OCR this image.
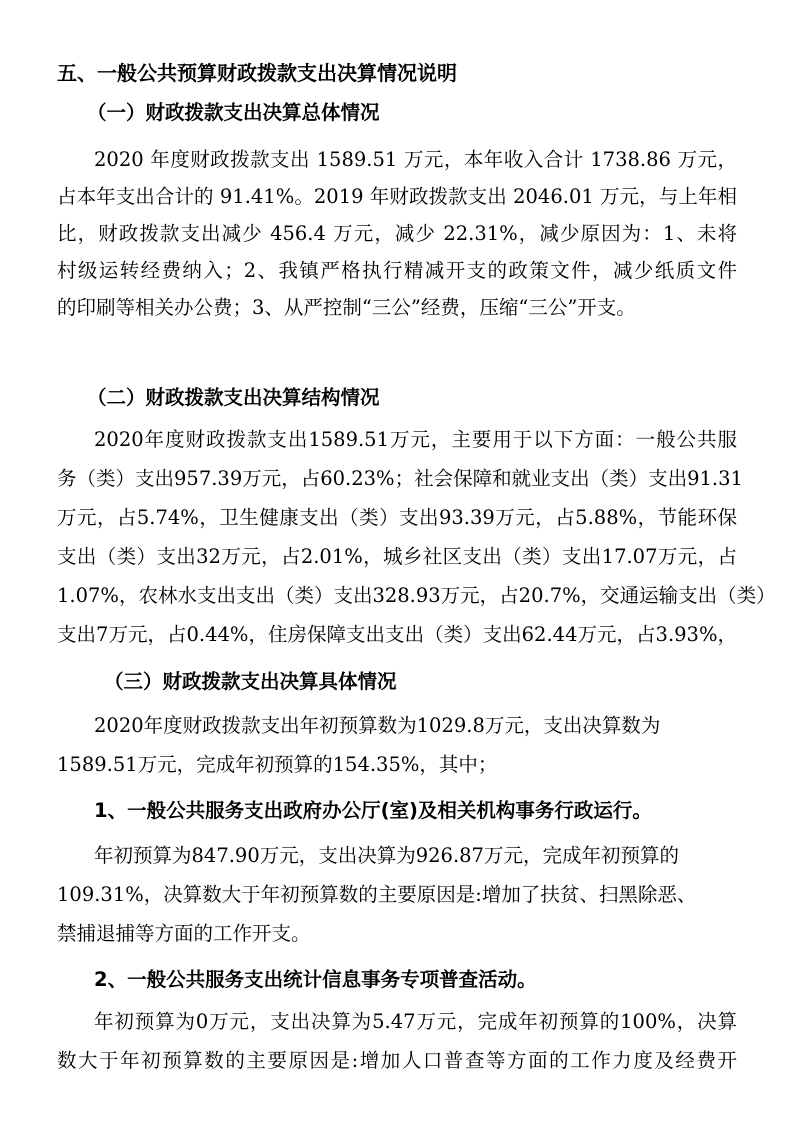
五、一般公共预算财政拨款支出决算情况说明
（一）财政拨款支出决算总体情况
2020 年度财政拨款支出 1589.51 万元，本年收入合计 1738.86 万元，
占本年支出合计的 91.41%。2019 年财政拨款支出 2046.01 万元，与上年相
比，财政拨款支出减少 456.4 万元，减少 22.31%，减少原因为：1、未将
村级运转经费纳入；2、我镇严格执行精减开支的政策文件，减少纸质文件
的印刷等相关办公费；3、从严控制“三公”经费，压缩“三公”开支。
（二）财政拨款支出决算结构情况
2020年度财政拨款支出1589.51万元，主要用于以下方面：一般公共服
务（类）支出957.39万元，占60.23%；社会保障和就业支出（类）支出91.31
万元，占5.74%，卫生健康支出（类）支出93.39万元，占5.88%，节能环保
支出（类）支出32万元，占2.01%，城乡社区支出（类）支出17.07万元，占
1.07%，农林水支出支出（类）支出328.93万元，占20.7%，交通运输支出（类）
支出7万元，占0.44%，住房保障支出支出（类）支出62.44万元，占3.93%，
（三）财政拨款支出决算具体情况
2020年度财政拨款支出年初预算数为1029.8万元，支出决算数为
1589.51万元，完成年初预算的154.35%，其中；
1、一般公共服务支出政府办公厅(室)及相关机构事务行政运行。
年初预算为847.90万元，支出决算为926.87万元，完成年初预算的
109.31%，决算数大于年初预算数的主要原因是:增加了扶贫、扫黑除恶、
禁捕退捕等方面的工作开支。
2、一般公共服务支出统计信息事务专项普查活动。
年初预算为0万元，支出决算为5.47万元，完成年初预算的100%，决算
数大于年初预算数的主要原因是:增加人口普查等方面的工作力度及经费开
